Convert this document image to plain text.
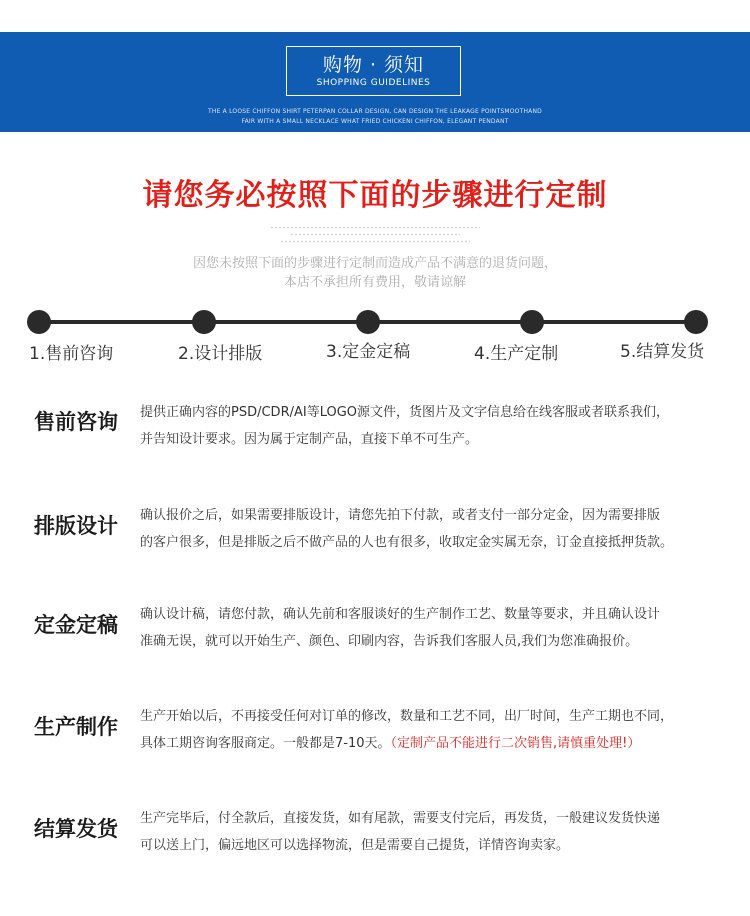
购物 · 须知
SHOPPING GUIDELINES
THE A LOOSE CHIFFON SHIRT PETERPAN COLLAR DESIGN, CAN DESIGN THE LEAKAGE POINTSMOOTHAND
FAIR WITH A SMALL NECKLACE WHAT FRIED CHICKENI CHIFFON, ELEGANT PENDANT
请您务必按照下面的步骤进行定制
因您未按照下面的步骤进行定制而造成产品不满意的退货问题，
本店不承担所有费用，敬请谅解
1.售前咨询	2.设计排版	3.定金定稿	4.生产定制	5.结算发货
售前咨询 提供正确内容的PSD/CDR/AI等LOGO源文件，货图片及文字信息给在线客服或者联系我们，
并告知设计要求。因为属于定制产品，直接下单不可生产。
排版设计 确认报价之后，如果需要排版设计，请您先拍下付款，或者支付一部分定金，因为需要排版
的客户很多，但是排版之后不做产品的人也有很多，收取定金实属无奈，订金直接抵押货款。
定金定稿 确认设计稿，请您付款，确认先前和客服谈好的生产制作工艺、数量等要求，并且确认设计
准确无误，就可以开始生产、颜色、印刷内容，告诉我们客服人员,我们为您准确报价。
生产制作 生产开始以后，不再接受任何对订单的修改，数量和工艺不同，出厂时间，生产工期也不同，
具体工期咨询客服商定。一般都是7-10天。（定制产品不能进行二次销售,请慎重处理!）
结算发货 生产完毕后，付全款后，直接发货，如有尾款，需要支付完后，再发货，一般建议发货快递
可以送上门，偏远地区可以选择物流，但是需要自己提货，详情咨询卖家。
